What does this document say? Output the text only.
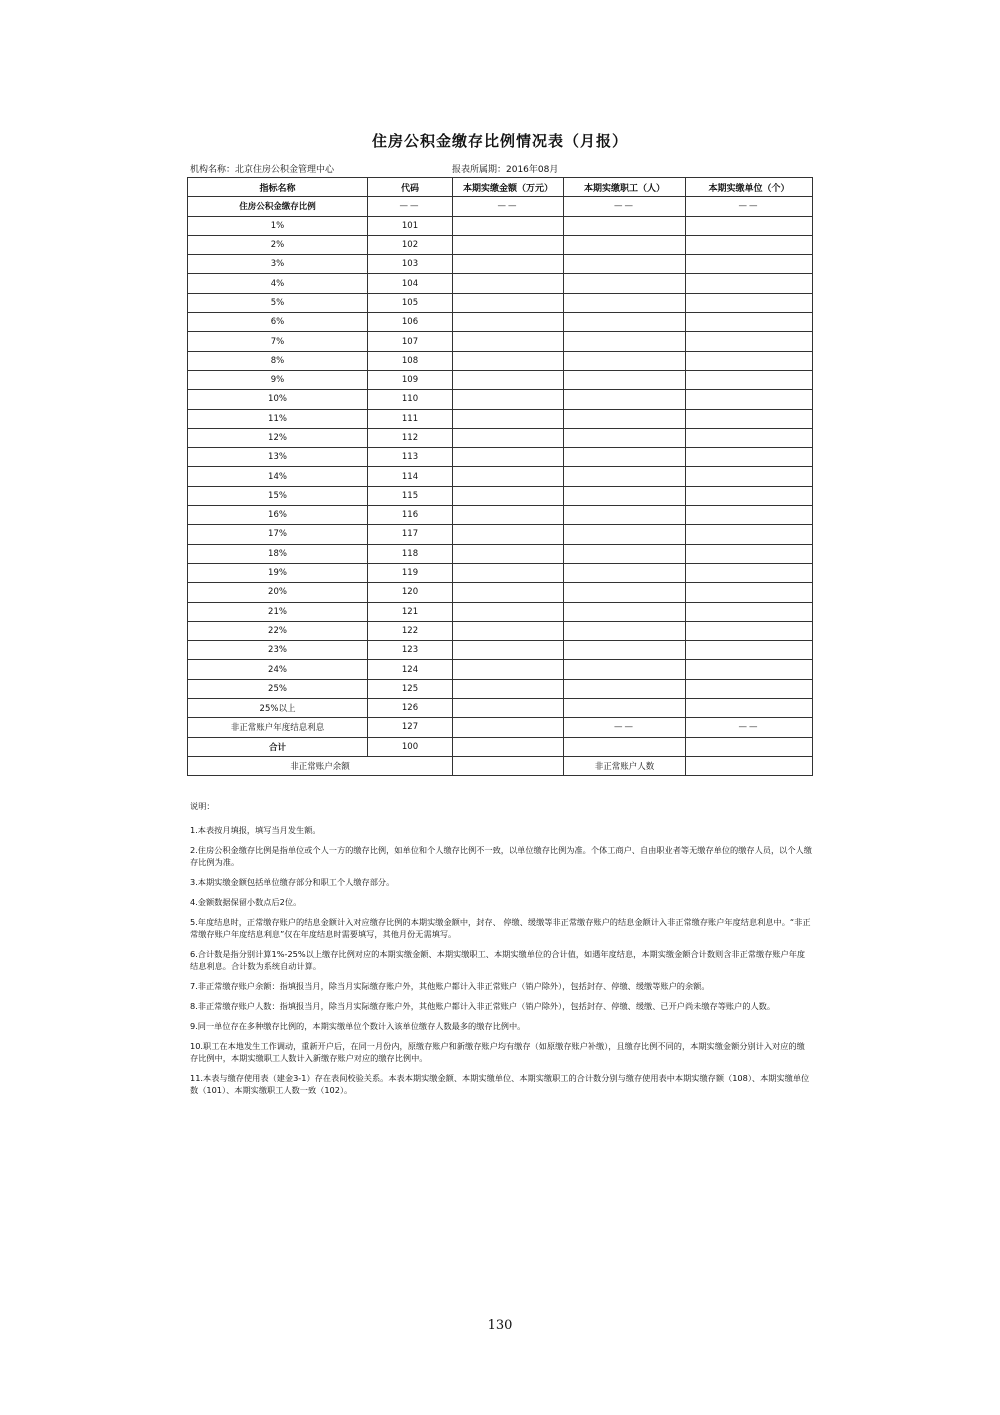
住房公积金缴存比例情况表（月报）
机构名称：北京住房公积金管理中心	报表所属期：2016年08月
指标名称	代码	本期实缴金额（万元）	本期实缴职工（人）	本期实缴单位（个）
住房公积金缴存比例	——	——	——	——
1%	101			
2%	102			
3%	103			
4%	104			
5%	105			
6%	106			
7%	107			
8%	108			
9%	109			
10%	110			
11%	111			
12%	112			
13%	113			
14%	114			
15%	115			
16%	116			
17%	117			
18%	118			
19%	119			
20%	120			
21%	121			
22%	122			
23%	123			
24%	124			
25%	125			
25%以上	126			
非正常账户年度结息利息	127		——	——
合计	100			
非正常账户余额			非正常账户人数	
说明：

1.本表按月填报，填写当月发生额。

2.住房公积金缴存比例是指单位或个人一方的缴存比例，如单位和个人缴存比例不一致，以单位缴存比例为准。个体工商户、自由职业者等无缴存单位的缴存人员，以个人缴存比例为准。

3.本期实缴金额包括单位缴存部分和职工个人缴存部分。

4.金额数据保留小数点后2位。

5.年度结息时，正常缴存账户的结息金额计入对应缴存比例的本期实缴金额中，封存、 停缴、缓缴等非正常缴存账户的结息金额计入非正常缴存账户年度结息利息中。“非正常缴存账户年度结息利息”仅在年度结息时需要填写，其他月份无需填写。

6.合计数是指分别计算1%-25%以上缴存比例对应的本期实缴金额、本期实缴职工、本期实缴单位的合计值，如遇年度结息，本期实缴金额合计数则含非正常缴存账户年度结息利息。合计数为系统自动计算。

7.非正常缴存账户余额：指填报当月，除当月实际缴存账户外，其他账户都计入非正常账户（销户除外），包括封存、停缴、缓缴等账户的余额。

8.非正常缴存账户人数：指填报当月，除当月实际缴存账户外，其他账户都计入非正常账户（销户除外），包括封存、停缴、缓缴、已开户尚未缴存等账户的人数。

9.同一单位存在多种缴存比例的，本期实缴单位个数计入该单位缴存人数最多的缴存比例中。

10.职工在本地发生工作调动，重新开户后，在同一月份内，原缴存账户和新缴存账户均有缴存（如原缴存账户补缴），且缴存比例不同的，本期实缴金额分别计入对应的缴存比例中，本期实缴职工人数计入新缴存账户对应的缴存比例中。

11.本表与缴存使用表（建金3-1）存在表间校验关系。本表本期实缴金额、本期实缴单位、本期实缴职工的合计数分别与缴存使用表中本期实缴存额（108）、本期实缴单位数（101）、本期实缴职工人数一致（102）。

130
